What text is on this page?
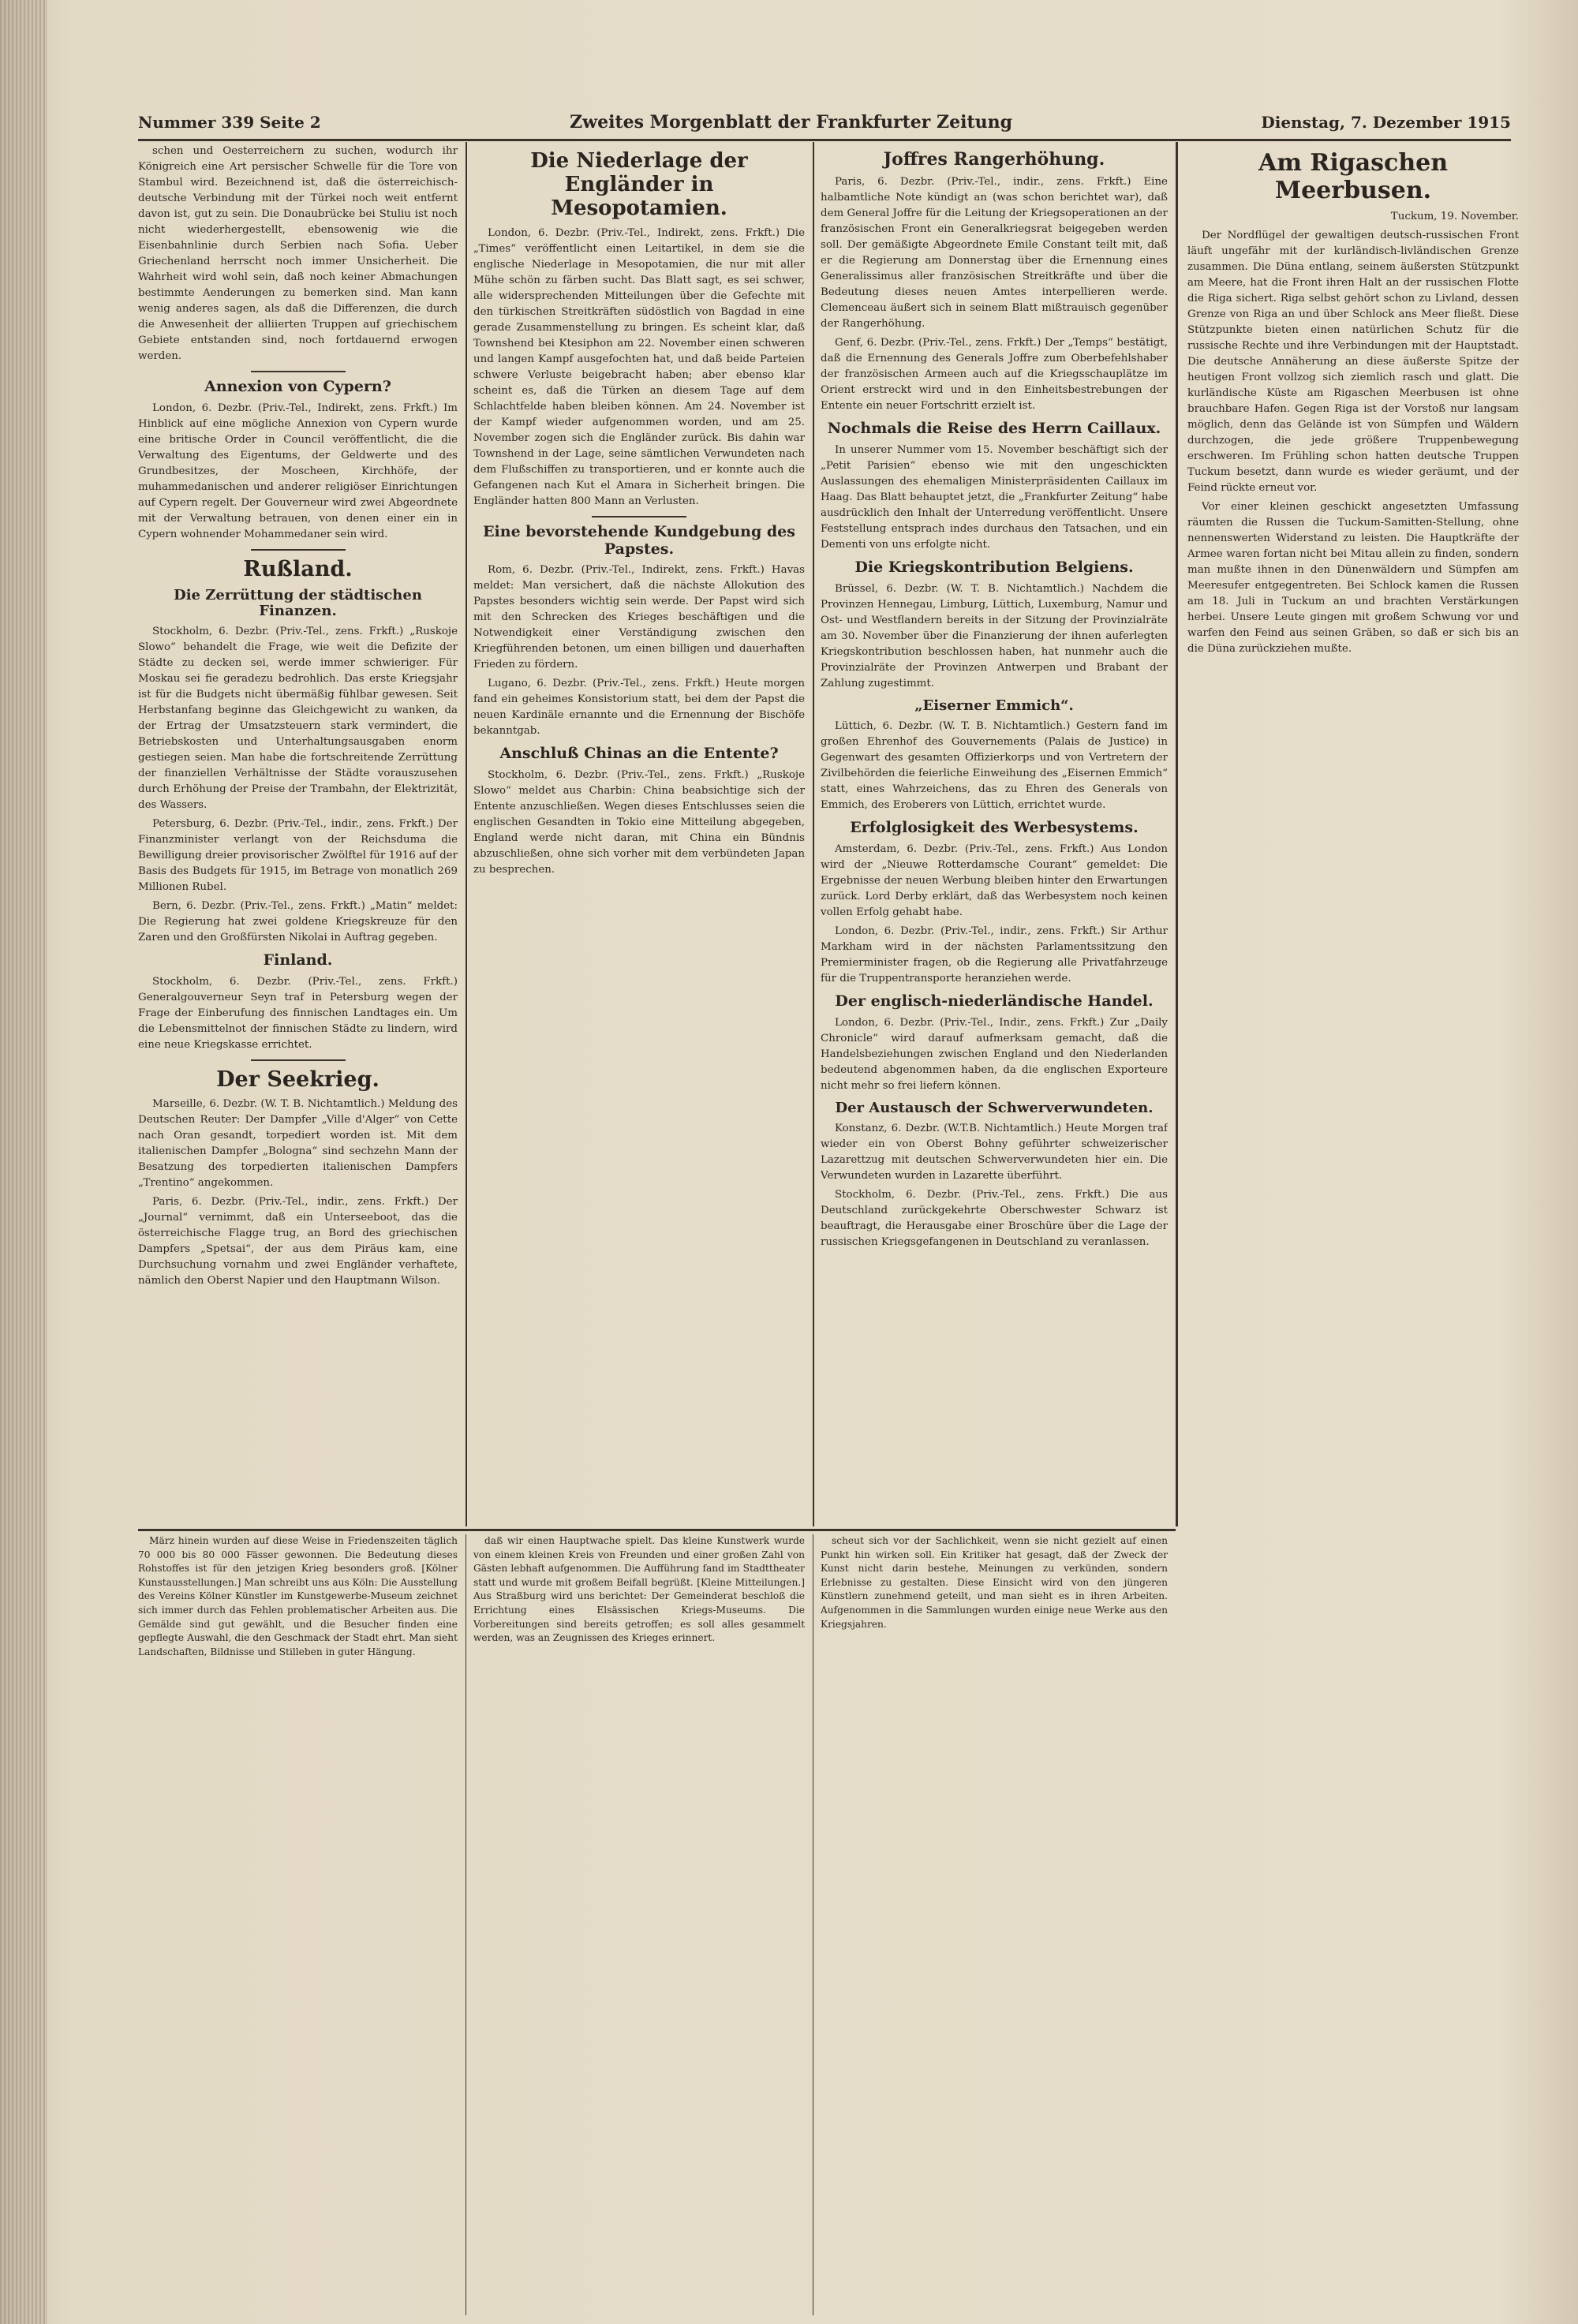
Nummer 339 Seite 2	Zweites Morgenblatt der Frankfurter Zeitung	Dienstag, 7. Dezember 1915

schen und Oesterreichern zu suchen, wodurch ihr Königreich eine Art persischer Schwelle für die Tore von Stambul wird. Bezeichnend ist, daß die österreichisch-deutsche Verbindung mit der Türkei noch weit entfernt davon ist, gut zu sein. Die Donaubrücke bei Stuliu ist noch nicht wiederhergestellt, ebensowenig wie die Eisenbahnlinie durch Serbien nach Sofia. Ueber Griechenland herrscht noch immer Unsicherheit. Die Wahrheit wird wohl sein, daß noch keiner Abmachungen bestimmte Aenderungen zu bemerken sind. Man kann wenig anderes sagen, als daß die Differenzen, die durch die Anwesenheit der alliierten Truppen auf griechischem Gebiete entstanden sind, noch fortdauernd erwogen werden.

Annexion von Cypern?

London, 6. Dezbr. (Priv.-Tel., Indirekt, zens. Frkft.) Im Hinblick auf eine mögliche Annexion von Cypern wurde eine britische Order in Council veröffentlicht, die die Verwaltung des Eigentums, der Geldwerte und des Grundbesitzes, der Moscheen, Kirchhöfe, der muhammedanischen und anderer religiöser Einrichtungen auf Cypern regelt. Der Gouverneur wird zwei Abgeordnete mit der Verwaltung betrauen, von denen einer ein in Cypern wohnender Mohammedaner sein wird.

Rußland.
Die Zerrüttung der städtischen Finanzen.

Stockholm, 6. Dezbr. (Priv.-Tel., zens. Frkft.) „Ruskoje Slowo“ behandelt die Frage, wie weit die Defizite der Städte zu decken sei, werde immer schwieriger. Für Moskau sei fie geradezu bedrohlich. Das erste Kriegsjahr ist für die Budgets nicht übermäßig fühlbar gewesen. Seit Herbstanfang beginne das Gleichgewicht zu wanken, da der Ertrag der Umsatzsteuern stark vermindert, die Betriebskosten und Unterhaltungsausgaben enorm gestiegen seien. Man habe die fortschreitende Zerrüttung der finanziellen Verhältnisse der Städte vorauszusehen durch Erhöhung der Preise der Trambahn, der Elektrizität, des Wassers.

Petersburg, 6. Dezbr. (Priv.-Tel., indir., zens. Frkft.) Der Finanzminister verlangt von der Reichsduma die Bewilligung dreier provisorischer Zwölftel für 1916 auf der Basis des Budgets für 1915, im Betrage von monatlich 269 Millionen Rubel.

Bern, 6. Dezbr. (Priv.-Tel., zens. Frkft.) „Matin“ meldet: Die Regierung hat zwei goldene Kriegskreuze für den Zaren und den Großfürsten Nikolai in Auftrag gegeben.

Finland.

Stockholm, 6. Dezbr. (Priv.-Tel., zens. Frkft.) Generalgouverneur Seyn traf in Petersburg wegen der Frage der Einberufung des finnischen Landtages ein. Um die Lebensmittelnot der finnischen Städte zu lindern, wird eine neue Kriegskasse errichtet.

Der Seekrieg.

Marseille, 6. Dezbr. (W. T. B. Nichtamtlich.) Meldung des Deutschen Reuter: Der Dampfer „Ville d'Alger“ von Cette nach Oran gesandt, torpediert worden ist. Mit dem italienischen Dampfer „Bologna“ sind sechzehn Mann der Besatzung des torpedierten italienischen Dampfers „Trentino“ angekommen.

Paris, 6. Dezbr. (Priv.-Tel., indir., zens. Frkft.) Der „Journal“ vernimmt, daß ein Unterseeboot, das die österreichische Flagge trug, an Bord des griechischen Dampfers „Spetsai“, der aus dem Piräus kam, eine Durchsuchung vornahm und zwei Engländer verhaftete, nämlich den Oberst Napier und den Hauptmann Wilson.

Die Niederlage der Engländer in Mesopotamien.

London, 6. Dezbr. (Priv.-Tel., Indirekt, zens. Frkft.) Die „Times“ veröffentlicht einen Leitartikel, in dem sie die englische Niederlage in Mesopotamien, die nur mit aller Mühe schön zu färben sucht. Das Blatt sagt, es sei schwer, alle widersprechenden Mitteilungen über die Gefechte mit den türkischen Streitkräften südöstlich von Bagdad in eine gerade Zusammenstellung zu bringen. Es scheint klar, daß Townshend bei Ktesiphon am 22. November einen schweren und langen Kampf ausgefochten hat, und daß beide Parteien schwere Verluste beigebracht haben; aber ebenso klar scheint es, daß die Türken an diesem Tage auf dem Schlachtfelde haben bleiben können. Am 24. November ist der Kampf wieder aufgenommen worden, und am 25. November zogen sich die Engländer zurück. Bis dahin war Townshend in der Lage, seine sämtlichen Verwundeten nach dem Flußschiffen zu transportieren, und er konnte auch die Gefangenen nach Kut el Amara in Sicherheit bringen. Die Engländer hatten 800 Mann an Verlusten.

Eine bevorstehende Kundgebung des Papstes.

Rom, 6. Dezbr. (Priv.-Tel., Indirekt, zens. Frkft.) Havas meldet: Man versichert, daß die nächste Allokution des Papstes besonders wichtig sein werde. Der Papst wird sich mit den Schrecken des Krieges beschäftigen und die Notwendigkeit einer Verständigung zwischen den Kriegführenden betonen, um einen billigen und dauerhaften Frieden zu fördern.

Lugano, 6. Dezbr. (Priv.-Tel., zens. Frkft.) Heute morgen fand ein geheimes Konsistorium statt, bei dem der Papst die neuen Kardinäle ernannte und die Ernennung der Bischöfe bekanntgab.

Anschluß Chinas an die Entente?

Stockholm, 6. Dezbr. (Priv.-Tel., zens. Frkft.) „Ruskoje Slowo“ meldet aus Charbin: China beabsichtige sich der Entente anzuschließen. Wegen dieses Entschlusses seien die englischen Gesandten in Tokio eine Mitteilung abgegeben, England werde nicht daran, mit China ein Bündnis abzuschließen, ohne sich vorher mit dem verbündeten Japan zu besprechen.

Joffres Rangerhöhung.

Paris, 6. Dezbr. (Priv.-Tel., indir., zens. Frkft.) Eine halbamtliche Note kündigt an (was schon berichtet war), daß dem General Joffre für die Leitung der Kriegsoperationen an der französischen Front ein Generalkriegsrat beigegeben werden soll. Der gemäßigte Abgeordnete Emile Constant teilt mit, daß er die Regierung am Donnerstag über die Ernennung eines Generalissimus aller französischen Streitkräfte und über die Bedeutung dieses neuen Amtes interpellieren werde. Clemenceau äußert sich in seinem Blatt mißtrauisch gegenüber der Rangerhöhung.

Genf, 6. Dezbr. (Priv.-Tel., zens. Frkft.) Der „Temps“ bestätigt, daß die Ernennung des Generals Joffre zum Oberbefehlshaber der französischen Armeen auch auf die Kriegsschauplätze im Orient erstreckt wird und in den Einheitsbestrebungen der Entente ein neuer Fortschritt erzielt ist.

Nochmals die Reise des Herrn Caillaux.

In unserer Nummer vom 15. November beschäftigt sich der „Petit Parisien“ ebenso wie mit den ungeschickten Auslassungen des ehemaligen Ministerpräsidenten Caillaux im Haag. Das Blatt behauptet jetzt, die „Frankfurter Zeitung“ habe ausdrücklich den Inhalt der Unterredung veröffentlicht. Unsere Feststellung entsprach indes durchaus den Tatsachen, und ein Dementi von uns erfolgte nicht.

Die Kriegskontribution Belgiens.

Brüssel, 6. Dezbr. (W. T. B. Nichtamtlich.) Nachdem die Provinzen Hennegau, Limburg, Lüttich, Luxemburg, Namur und Ost- und Westflandern bereits in der Sitzung der Provinzialräte am 30. November über die Finanzierung der ihnen auferlegten Kriegskontribution beschlossen haben, hat nunmehr auch die Provinzialräte der Provinzen Antwerpen und Brabant der Zahlung zugestimmt.

„Eiserner Emmich“.

Lüttich, 6. Dezbr. (W. T. B. Nichtamtlich.) Gestern fand im großen Ehrenhof des Gouvernements (Palais de Justice) in Gegenwart des gesamten Offizierkorps und von Vertretern der Zivilbehörden die feierliche Einweihung des „Eisernen Emmich“ statt, eines Wahrzeichens, das zu Ehren des Generals von Emmich, des Eroberers von Lüttich, errichtet wurde.

Erfolglosigkeit des Werbesystems.

Amsterdam, 6. Dezbr. (Priv.-Tel., zens. Frkft.) Aus London wird der „Nieuwe Rotterdamsche Courant“ gemeldet: Die Ergebnisse der neuen Werbung bleiben hinter den Erwartungen zurück. Lord Derby erklärt, daß das Werbesystem noch keinen vollen Erfolg gehabt habe.

London, 6. Dezbr. (Priv.-Tel., indir., zens. Frkft.) Sir Arthur Markham wird in der nächsten Parlamentssitzung den Premierminister fragen, ob die Regierung alle Privatfahrzeuge für die Truppentransporte heranziehen werde.

Der englisch-niederländische Handel.

London, 6. Dezbr. (Priv.-Tel., Indir., zens. Frkft.) Zur „Daily Chronicle“ wird darauf aufmerksam gemacht, daß die Handelsbeziehungen zwischen England und den Niederlanden bedeutend abgenommen haben, da die englischen Exporteure nicht mehr so frei liefern können.

Der Austausch der Schwerverwundeten.

Konstanz, 6. Dezbr. (W.T.B. Nichtamtlich.) Heute Morgen traf wieder ein von Oberst Bohny geführter schweizerischer Lazarettzug mit deutschen Schwerverwundeten hier ein. Die Verwundeten wurden in Lazarette überführt.

Stockholm, 6. Dezbr. (Priv.-Tel., zens. Frkft.) Die aus Deutschland zurückgekehrte Oberschwester Schwarz ist beauftragt, die Herausgabe einer Broschüre über die Lage der russischen Kriegsgefangenen in Deutschland zu veranlassen.

Am Rigaschen Meerbusen.

Tuckum, 19. November.

Der Nordflügel der gewaltigen deutsch-russischen Front läuft ungefähr mit der kurländisch-livländischen Grenze zusammen. Die Düna entlang, seinem äußersten Stützpunkt am Meere, hat die Front ihren Halt an der russischen Flotte die Riga sichert. Riga selbst gehört schon zu Livland, dessen Grenze von Riga an und über Schlock ans Meer fließt. Diese Stützpunkte bieten einen natürlichen Schutz für die russische Rechte und ihre Verbindungen mit der Hauptstadt. Die deutsche Annäherung an diese äußerste Spitze der heutigen Front vollzog sich ziemlich rasch und glatt. Die kurländische Küste am Rigaschen Meerbusen ist ohne brauchbare Hafen. Gegen Riga ist der Vorstoß nur langsam möglich, denn das Gelände ist von Sümpfen und Wäldern durchzogen, die jede größere Truppenbewegung erschweren. Im Frühling schon hatten deutsche Truppen Tuckum besetzt, dann wurde es wieder geräumt, und der Feind rückte erneut vor.

Vor einer kleinen geschickt angesetzten Umfassung räumten die Russen die Tuckum-Samitten-Stellung, ohne nennenswerten Widerstand zu leisten. Die Hauptkräfte der Armee waren fortan nicht bei Mitau allein zu finden, sondern man mußte ihnen in den Dünenwäldern und Sümpfen am Meeresufer entgegentreten. Bei Schlock kamen die Russen am 18. Juli in Tuckum an und brachten Verstärkungen herbei. Unsere Leute gingen mit großem Schwung vor und warfen den Feind aus seinen Gräben, so daß er sich bis an die Düna zurückziehen mußte.

März hinein wurden auf diese Weise in Friedenszeiten täglich 70 000 bis 80 000 Fässer gewonnen. Die Bedeutung dieses Rohstoffes ist für den jetzigen Krieg besonders groß. [Kölner Kunstausstellungen.] Man schreibt uns aus Köln: Die Ausstellung des Vereins Kölner Künstler im Kunstgewerbe-Museum zeichnet sich immer durch das Fehlen problematischer Arbeiten aus. Die Gemälde sind gut gewählt, und die Besucher finden eine gepflegte Auswahl, die den Geschmack der Stadt ehrt. Man sieht Landschaften, Bildnisse und Stilleben in guter Hängung.

daß wir einen Hauptwache spielt. Das kleine Kunstwerk wurde von einem kleinen Kreis von Freunden und einer großen Zahl von Gästen lebhaft aufgenommen. Die Aufführung fand im Stadttheater statt und wurde mit großem Beifall begrüßt. [Kleine Mitteilungen.] Aus Straßburg wird uns berichtet: Der Gemeinderat beschloß die Errichtung eines Elsässischen Kriegs-Museums. Die Vorbereitungen sind bereits getroffen; es soll alles gesammelt werden, was an Zeugnissen des Krieges erinnert.

scheut sich vor der Sachlichkeit, wenn sie nicht gezielt auf einen Punkt hin wirken soll. Ein Kritiker hat gesagt, daß der Zweck der Kunst nicht darin bestehe, Meinungen zu verkünden, sondern Erlebnisse zu gestalten. Diese Einsicht wird von den jüngeren Künstlern zunehmend geteilt, und man sieht es in ihren Arbeiten. Aufgenommen in die Sammlungen wurden einige neue Werke aus den Kriegsjahren.
